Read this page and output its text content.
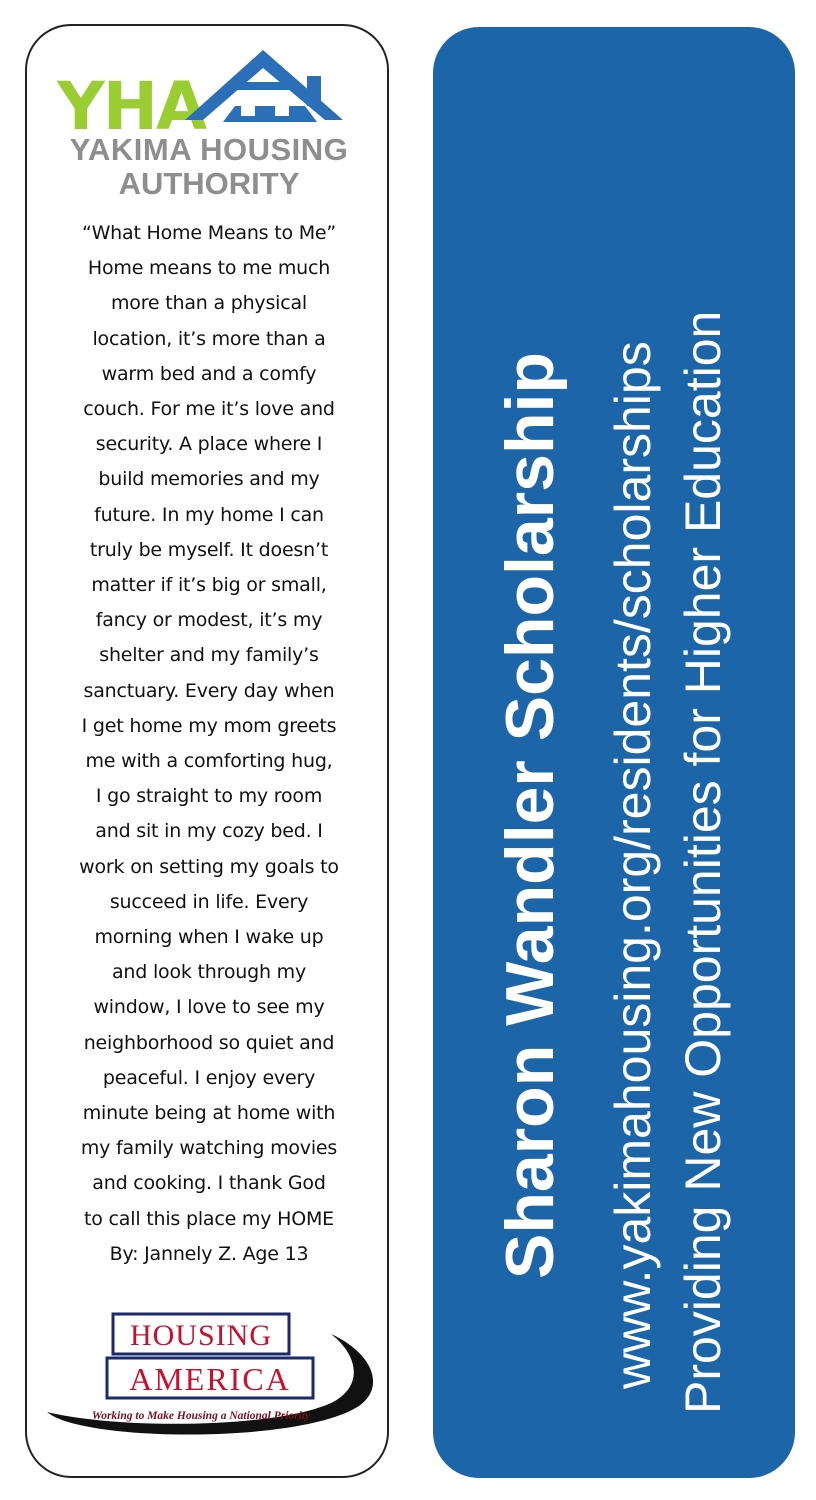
YHA
YAKIMA HOUSING
AUTHORITY
“What Home Means to Me”
Home means to me much
more than a physical
location, it’s more than a
warm bed and a comfy
couch. For me it’s love and
security. A place where I
build memories and my
future. In my home I can
truly be myself. It doesn’t
matter if it’s big or small,
fancy or modest, it’s my
shelter and my family’s
sanctuary. Every day when
I get home my mom greets
me with a comforting hug,
I go straight to my room
and sit in my cozy bed. I
work on setting my goals to
succeed in life. Every
morning when I wake up
and look through my
window, I love to see my
neighborhood so quiet and
peaceful. I enjoy every
minute being at home with
my family watching movies
and cooking. I thank God
to call this place my HOME
By: Jannely Z. Age 13
HOUSING
AMERICA
Working to Make Housing a National Priority
Sharon Wandler Scholarship www.yakimahousing.org/residents/scholarships Providing New Opportunities for Higher Education
